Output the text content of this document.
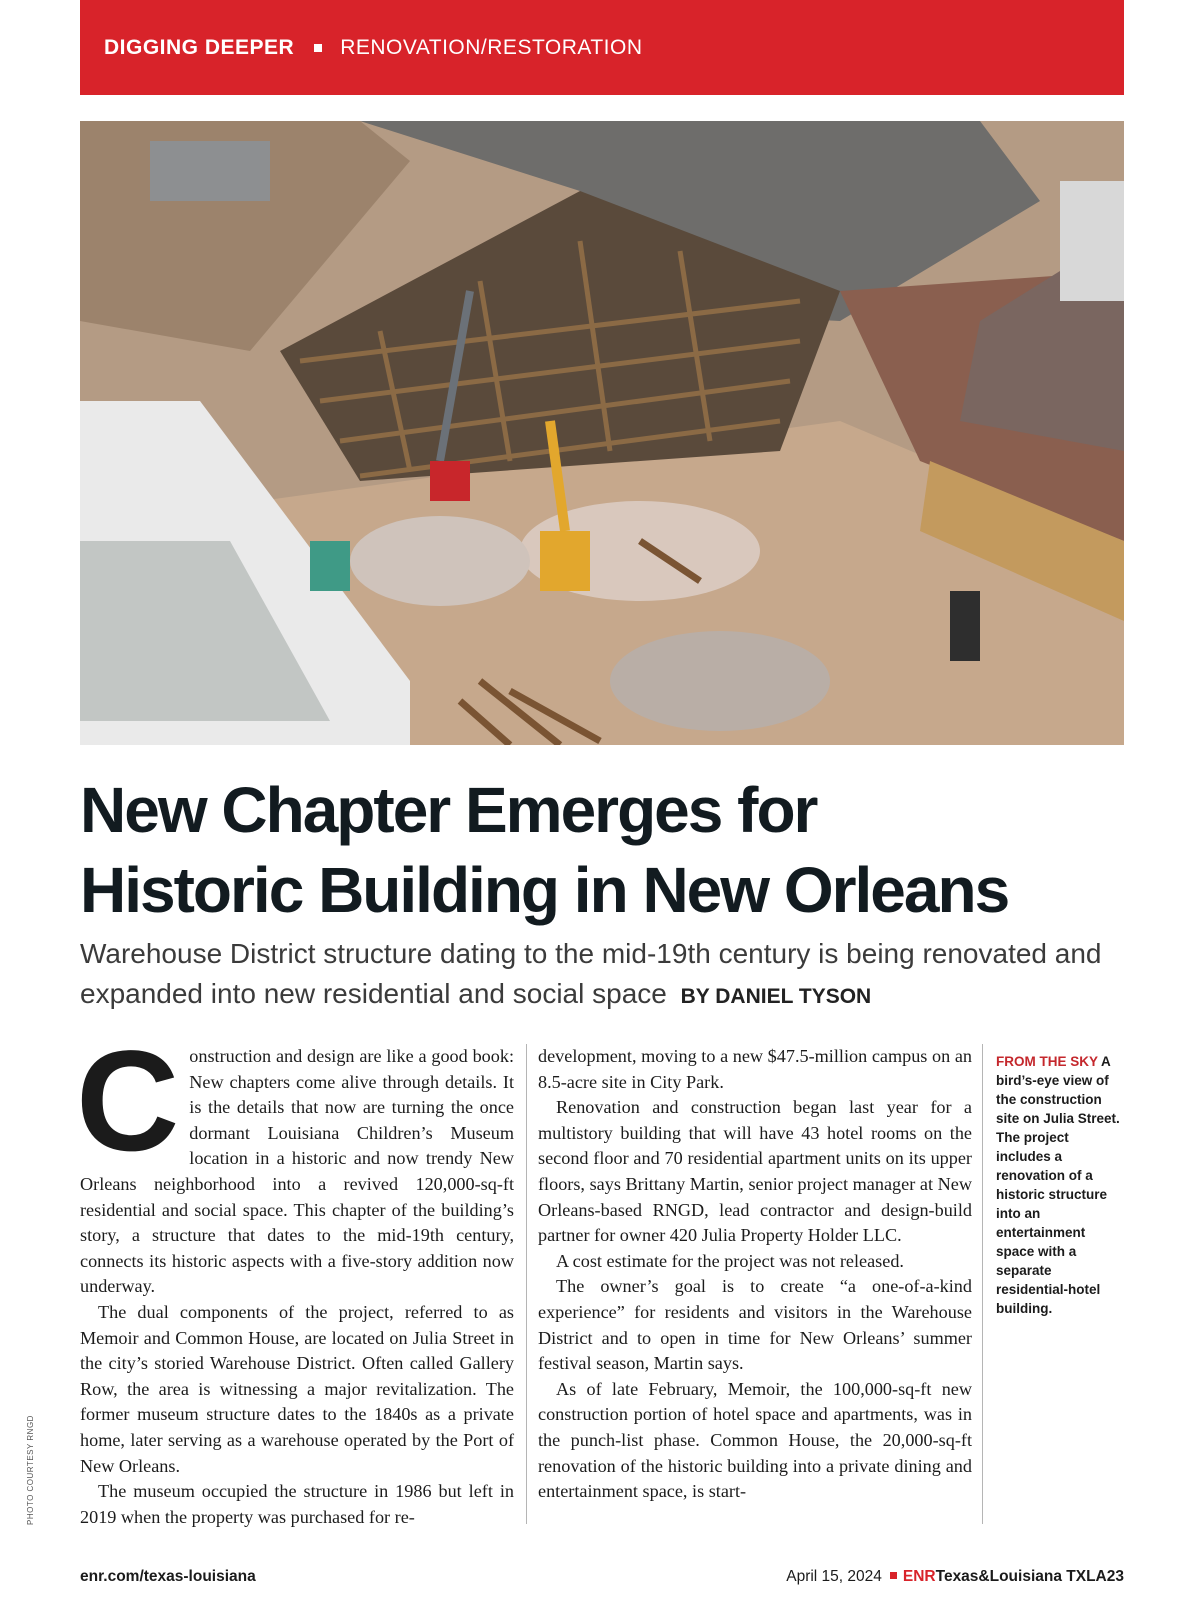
DIGGING DEEPER RENOVATION/RESTORATION
PHOTO COURTESY RNGD
New Chapter Emerges for
Historic Building in New Orleans
Warehouse District structure dating to the mid-19th century is being renovated and expanded into new residential and social space BY DANIEL TYSON

Construction and design are like a good book: New chapters come alive through details. It is the details that now are turning the once dormant Louisiana Children’s Museum location in a historic and now trendy New Orleans neighborhood into a revived 120,000-sq-ft residential and social space. This chapter of the building’s story, a structure that dates to the mid-19th century, connects its historic aspects with a five-story addition now underway.

The dual components of the project, referred to as Memoir and Common House, are located on Julia Street in the city’s storied Warehouse District. Often called Gallery Row, the area is witnessing a major revitalization. The former museum structure dates to the 1840s as a private home, later serving as a warehouse operated by the Port of New Orleans.

The museum occupied the structure in 1986 but left in 2019 when the property was purchased for re-

development, moving to a new $47.5-million campus on an 8.5-acre site in City Park.

Renovation and construction began last year for a multistory building that will have 43 hotel rooms on the second floor and 70 residential apartment units on its upper floors, says Brittany Martin, senior project manager at New Orleans-based RNGD, lead contractor and design-build partner for owner 420 Julia Property Holder LLC.

A cost estimate for the project was not released.

The owner’s goal is to create “a one-of-a-kind experience” for residents and visitors in the Warehouse District and to open in time for New Orleans’ summer festival season, Martin says.

As of late February, Memoir, the 100,000-sq-ft new construction portion of hotel space and apartments, was in the punch-list phase. Common House, the 20,000-sq-ft renovation of the historic building into a private dining and entertainment space, is start-

FROM THE SKY A bird’s-eye view of the construction site on Julia Street. The project includes a renovation of a historic structure into an entertainment space with a separate residential-hotel building.
enr.com/texas-louisiana	April 15, 2024 ENRTexas&Louisiana TXLA23
